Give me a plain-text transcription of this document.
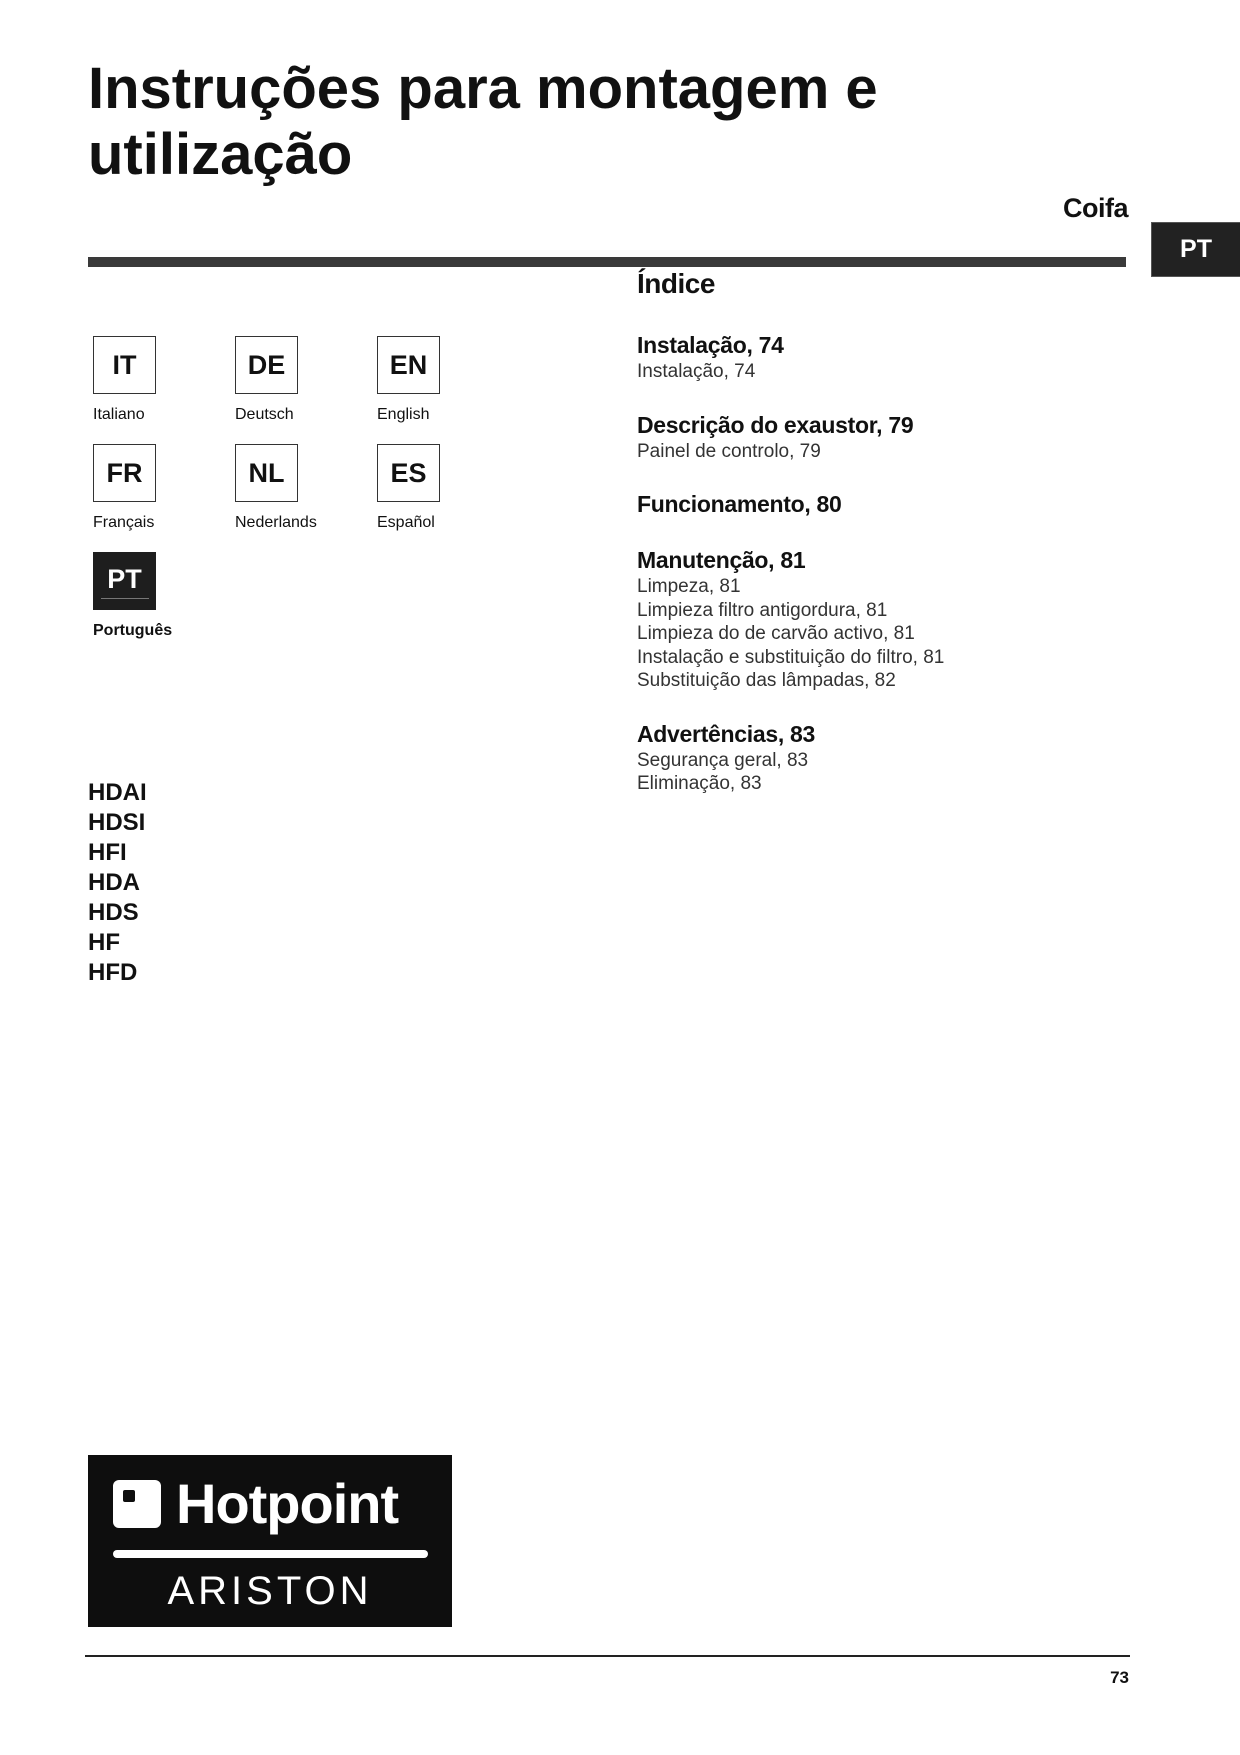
Instruções para montagem e utilização
Coifa
PT
IT
Italiano
DE
Deutsch
EN
English
FR
Français
NL
Nederlands
ES
Español
PT
Português
HDAI
HDSI
HFI
HDA
HDS
HF
HFD
Índice
Instalação, 74
Instalação, 74
Descrição do exaustor, 79
Painel de controlo, 79
Funcionamento, 80
Manutenção, 81
Limpeza, 81
Limpieza filtro antigordura, 81
Limpieza do de carvão activo, 81
Instalação e substituição do filtro, 81
Substituição das lâmpadas, 82
Advertências, 83
Segurança geral, 83
Eliminação, 83
Hotpoint
ARISTON
73
